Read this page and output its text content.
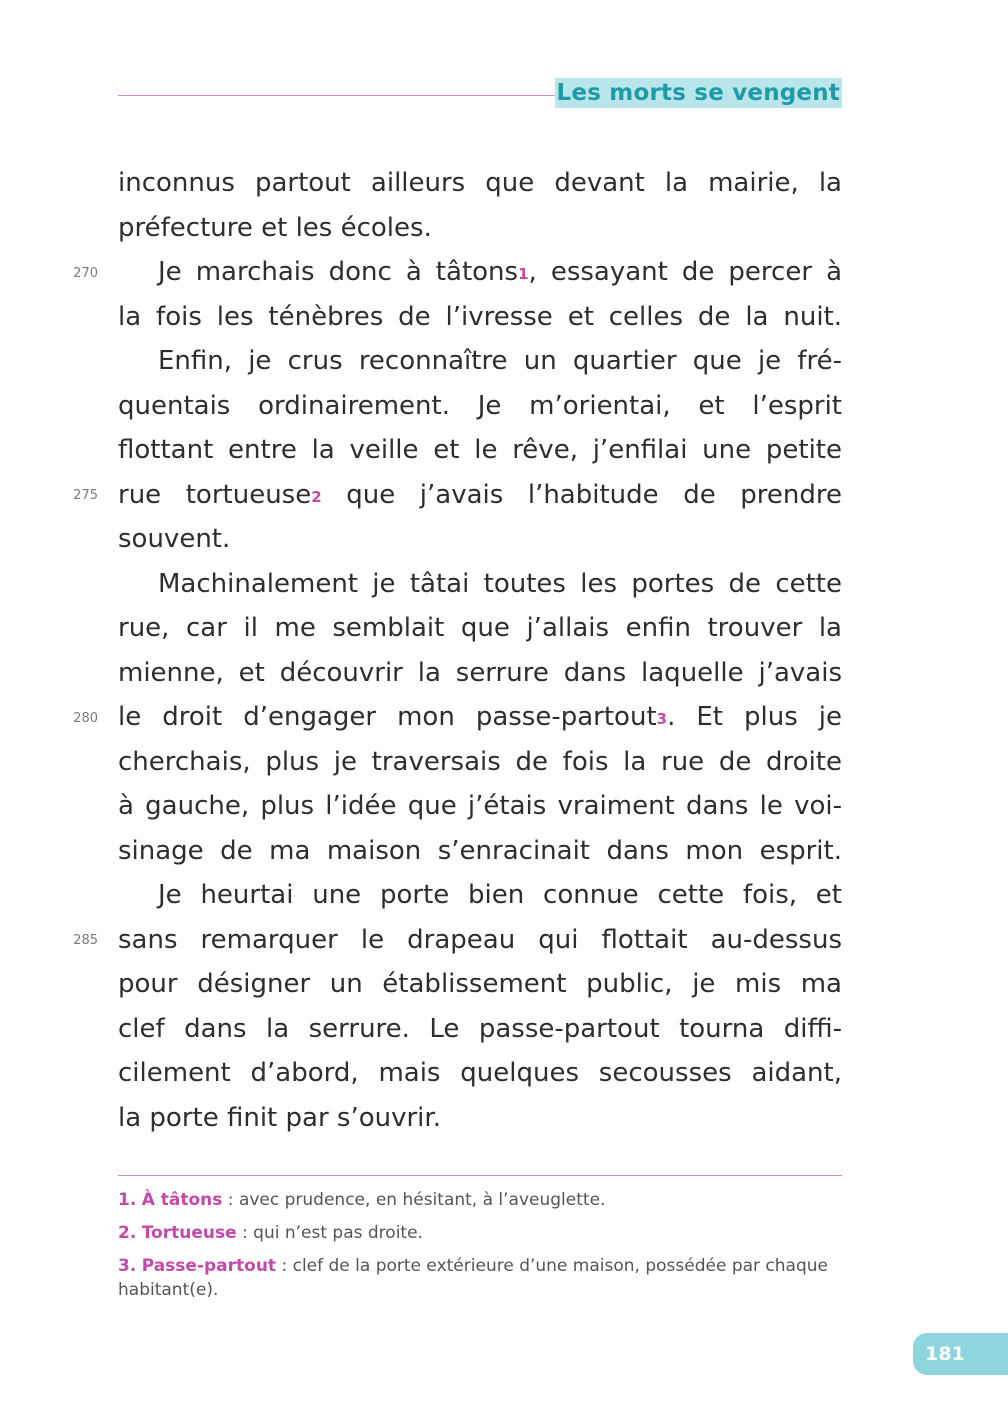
Les morts se vengent
inconnus partout ailleurs que devant la mairie, la
préfecture et les écoles.
Je marchais donc à tâtons$^1$, essayant de percer à
la fois les ténèbres de l’ivresse et celles de la nuit.
Enfin, je crus reconnaître un quartier que je fré-
quentais ordinairement. Je m’orientai, et l’esprit
flottant entre la veille et le rêve, j’enfilai une petite
rue tortueuse$^2$ que j’avais l’habitude de prendre
souvent.
Machinalement je tâtai toutes les portes de cette
rue, car il me semblait que j’allais enfin trouver la
mienne, et découvrir la serrure dans laquelle j’avais
le droit d’engager mon passe-partout$^3$. Et plus je
cherchais, plus je traversais de fois la rue de droite
à gauche, plus l’idée que j’étais vraiment dans le voi-
sinage de ma maison s’enracinait dans mon esprit.
Je heurtai une porte bien connue cette fois, et
sans remarquer le drapeau qui flottait au-dessus
pour désigner un établissement public, je mis ma
clef dans la serrure. Le passe-partout tourna diffi-
cilement d’abord, mais quelques secousses aidant,
la porte finit par s’ouvrir.
270
275
280
285
1. À tâtons : avec prudence, en hésitant, à l’aveuglette.
2. Tortueuse : qui n’est pas droite.
3. Passe-partout : clef de la porte extérieure d’une maison, possédée par chaque habitant(e).
181
